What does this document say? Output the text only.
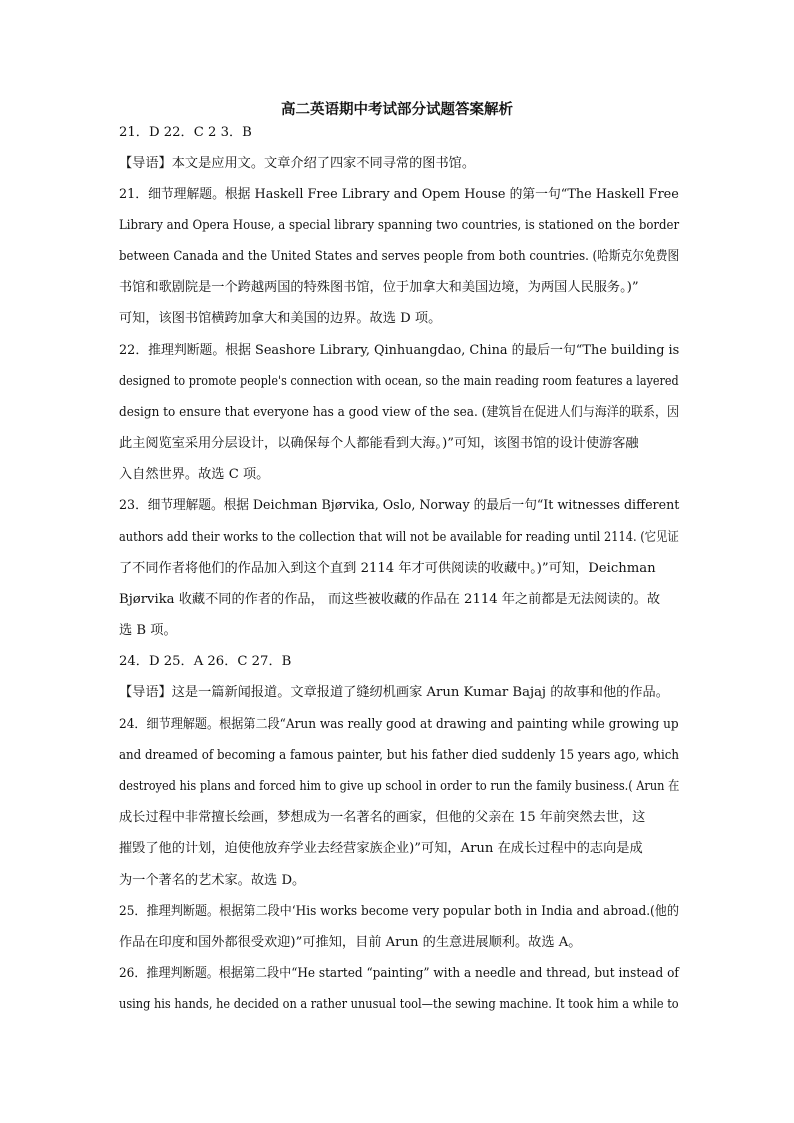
高二英语期中考试部分试题答案解析
21．D 22．C 2 3．B
【导语】本文是应用文。文章介绍了四家不同寻常的图书馆。
21．细节理解题。根据 Haskell Free Library and Opem House 的第一句“The Haskell Free
Library and Opera House, a special library spanning two countries, is stationed on the border
between Canada and the United States and serves people from both countries. (哈斯克尔免费图
书馆和歌剧院是一个跨越两国的特殊图书馆，位于加拿大和美国边境，为两国人民服务。)”
可知，该图书馆横跨加拿大和美国的边界。故选 D 项。
22．推理判断题。根据 Seashore Library, Qinhuangdao, China 的最后一句“The building is
designed to promote people's connection with ocean, so the main reading room features a layered
design to ensure that everyone has a good view of the sea. (建筑旨在促进人们与海洋的联系，因
此主阅览室采用分层设计，以确保每个人都能看到大海。)”可知，该图书馆的设计使游客融
入自然世界。故选 C 项。
23．细节理解题。根据 Deichman Bjørvika, Oslo, Norway 的最后一句“It witnesses different
authors add their works to the collection that will not be available for reading until 2114. (它见证
了不同作者将他们的作品加入到这个直到 2114 年才可供阅读的收藏中。)”可知，Deichman
Bjørvika 收藏不同的作者的作品， 而这些被收藏的作品在 2114 年之前都是无法阅读的。故
选 B 项。
24．D 25．A 26．C 27．B
【导语】这是一篇新闻报道。文章报道了缝纫机画家 Arun Kumar Bajaj 的故事和他的作品。
24．细节理解题。根据第二段“Arun was really good at drawing and painting while growing up
and dreamed of becoming a famous painter, but his father died suddenly 15 years ago, which
destroyed his plans and forced him to give up school in order to run the family business.( Arun 在
成长过程中非常擅长绘画，梦想成为一名著名的画家，但他的父亲在 15 年前突然去世，这
摧毁了他的计划，迫使他放弃学业去经营家族企业)”可知，Arun 在成长过程中的志向是成
为一个著名的艺术家。故选 D。
25．推理判断题。根据第二段中‘His works become very popular both in India and abroad.(他的
作品在印度和国外都很受欢迎)”可推知，目前 Arun 的生意进展顺利。故选 A。
26．推理判断题。根据第二段中“He started “painting” with a needle and thread, but instead of
using his hands, he decided on a rather unusual tool—the sewing machine. It took him a while to
